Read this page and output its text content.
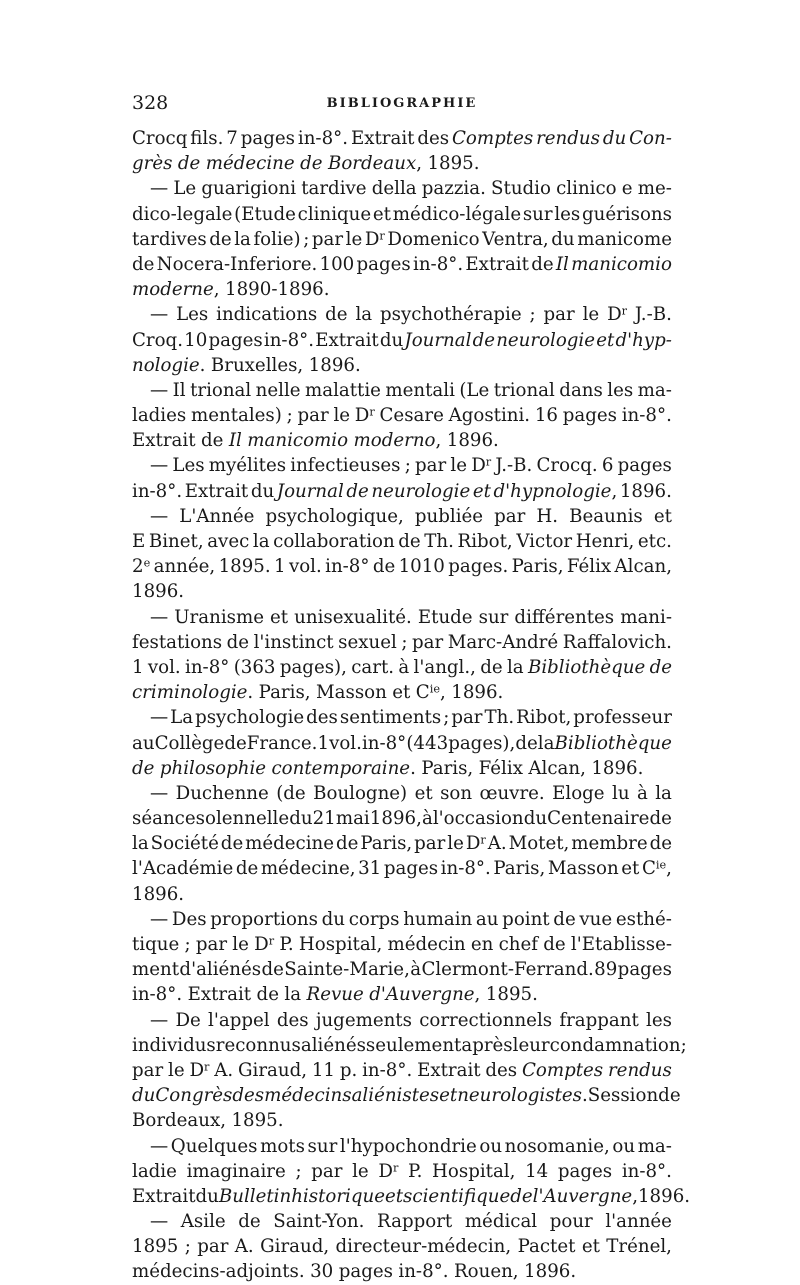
328	BIBLIOGRAPHIE
Crocq fils. 7 pages in-8°. Extrait des Comptes rendus du Con-
grès de médecine de Bordeaux, 1895.
— Le guarigioni tardive della pazzia. Studio clinico e me-
dico-legale (Etude clinique et médico-légale sur les guérisons
tardives de la folie) ; par le $D^r$ Domenico Ventra, du manicome
de Nocera-Inferiore. 100 pages in-8°. Extrait de Il manicomio
moderne, 1890-1896.
— Les indications de la psychothérapie ; par le $D^r$ J.-B.
Croq. 10 pages in-8°. Extrait du Journal de neurologie et d'hyp-
nologie. Bruxelles, 1896.
— Il trional nelle malattie mentali (Le trional dans les ma-
ladies mentales) ; par le $D^r$ Cesare Agostini. 16 pages in-8°.
Extrait de Il manicomio moderno, 1896.
— Les myélites infectieuses ; par le $D^r$ J.-B. Crocq. 6 pages
in-8°. Extrait du Journal de neurologie et d'hypnologie, 1896.
— L'Année psychologique, publiée par H. Beaunis et
E Binet, avec la collaboration de Th. Ribot, Victor Henri, etc.
2e année, 1895. 1 vol. in-8° de 1010 pages. Paris, Félix Alcan,
1896.
— Uranisme et unisexualité. Etude sur différentes mani-
festations de l'instinct sexuel ; par Marc-André Raffalovich.
1 vol. in-8° (363 pages), cart. à l'angl., de la Bibliothèque de
criminologie. Paris, Masson et $C^{ie}$, 1896.
— La psychologie des sentiments ; par Th. Ribot, professeur
au Collège de France. 1 vol. in-8° (443 pages), de la Bibliothèque
de philosophie contemporaine. Paris, Félix Alcan, 1896.
— Duchenne (de Boulogne) et son œuvre. Eloge lu à la
séance solennelle du 21 mai 1896, à l'occasion du Centenaire de
la Société de médecine de Paris, par le $D^r$ A. Motet, membre de
l'Académie de médecine, 31 pages in-8°. Paris, Masson et $C^{ie}$,
1896.
— Des proportions du corps humain au point de vue esthé-
tique ; par le $D^r$ P. Hospital, médecin en chef de l'Etablisse-
ment d'aliénés de Sainte-Marie, à Clermont-Ferrand. 89 pages
in-8°. Extrait de la Revue d'Auvergne, 1895.
— De l'appel des jugements correctionnels frappant les
individus reconnus aliénés seulement après leur condamnation ;
par le $D^r$ A. Giraud, 11 p. in-8°. Extrait des Comptes rendus
du Congrès des médecins aliénistes et neurologistes. Session de
Bordeaux, 1895.
— Quelques mots sur l'hypochondrie ou nosomanie, ou ma-
ladie imaginaire ; par le $D^r$ P. Hospital, 14 pages in-8°.
Extrait du Bulletin historique et scientifique de l'Auvergne, 1896.
— Asile de Saint-Yon. Rapport médical pour l'année
1895 ; par A. Giraud, directeur-médecin, Pactet et Trénel,
médecins-adjoints. 30 pages in-8°. Rouen, 1896.
